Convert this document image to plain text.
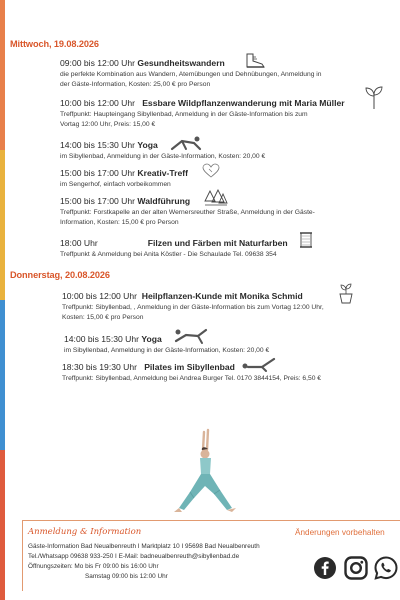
Mittwoch, 19.08.2026
09:00 bis 12:00 Uhr Gesundheitswandern
die perfekte Kombination aus Wandern, Atemübungen und Dehnübungen, Anmeldung in
der Gäste-Information, Kosten: 25,00 € pro Person
10:00 bis 12:00 Uhr Essbare Wildpflanzenwanderung mit Maria Müller
Treffpunkt: Haupteingang Sibyllenbad, Anmeldung in der Gäste-Information bis zum
Vortag 12:00 Uhr, Preis: 15,00 €
14:00 bis 15:30 Uhr Yoga
im Sibyllenbad, Anmeldung in der Gäste-Information, Kosten: 20,00 €
15:00 bis 17:00 Uhr Kreativ-Treff
im Sengerhof, einfach vorbeikommen
15:00 bis 17:00 Uhr Waldführung
Treffpunkt: Forstkapelle an der alten Wernersreuther Straße, Anmeldung in der Gäste-
Information, Kosten: 15,00 € pro Person
18:00 Uhr	Filzen und Färben mit Naturfarben
Treffpunkt & Anmeldung bei Anita Köstler - Die Schaulade Tel. 09638 354
Donnerstag, 20.08.2026
10:00 bis 12:00 Uhr Heilpflanzen-Kunde mit Monika Schmid
Treffpunkt: Sibyllenbad, , Anmeldung in der Gäste-Information bis zum Vortag 12:00 Uhr,
Kosten: 15,00 € pro Person
14:00 bis 15:30 Uhr Yoga
im Sibyllenbad, Anmeldung in der Gäste-Information, Kosten: 20,00 €
18:30 bis 19:30 Uhr Pilates im Sibyllenbad
Treffpunkt: Sibyllenbad, Anmeldung bei Andrea Burger Tel. 0170 3844154, Preis: 6,50 €
Anmeldung & Information	Änderungen vorbehalten
Gäste-Information Bad Neualbenreuth I Marktplatz 10 I 95698 Bad Neualbenreuth
Tel./Whatsapp 09638 933-250 I E-Mail: badneualbenreuth@sibyllenbad.de
Öffnungszeiten: Mo bis Fr 09:00 bis 16:00 Uhr
Samstag 09:00 bis 12:00 Uhr
